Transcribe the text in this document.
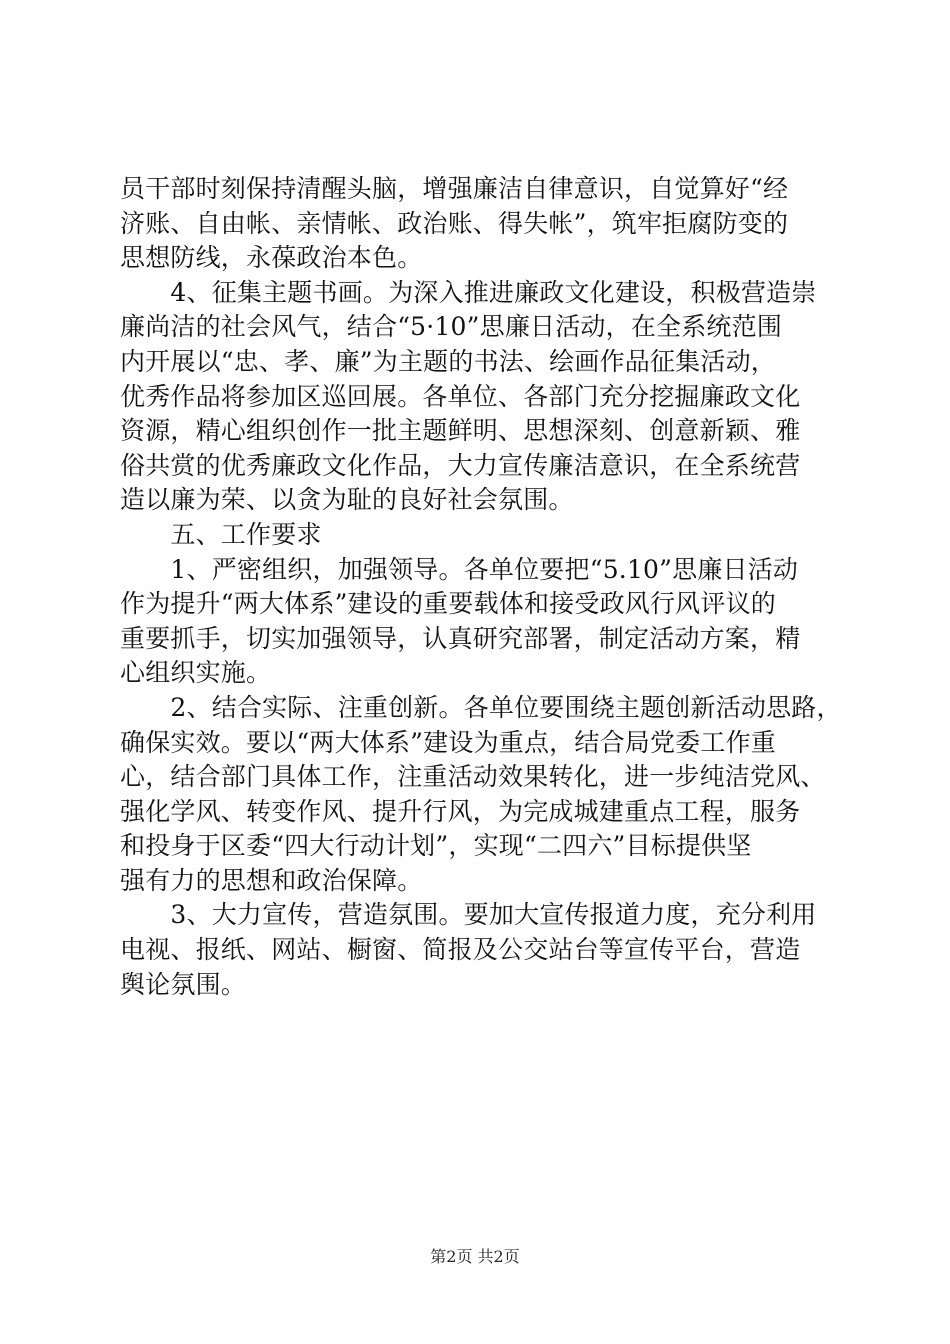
员干部时刻保持清醒头脑，增强廉洁自律意识，自觉算好“经
济账、自由帐、亲情帐、政治账、得失帐”，筑牢拒腐防变的
思想防线，永葆政治本色。
　　4、征集主题书画。为深入推进廉政文化建设，积极营造崇
廉尚洁的社会风气，结合“5·10”思廉日活动，在全系统范围
内开展以“忠、孝、廉”为主题的书法、绘画作品征集活动，
优秀作品将参加区巡回展。各单位、各部门充分挖掘廉政文化
资源，精心组织创作一批主题鲜明、思想深刻、创意新颖、雅
俗共赏的优秀廉政文化作品，大力宣传廉洁意识，在全系统营
造以廉为荣、以贪为耻的良好社会氛围。
　　五、工作要求
　　1、严密组织，加强领导。各单位要把“5.10”思廉日活动
作为提升“两大体系”建设的重要载体和接受政风行风评议的
重要抓手，切实加强领导，认真研究部署，制定活动方案，精
心组织实施。
　　2、结合实际、注重创新。各单位要围绕主题创新活动思路，
确保实效。要以“两大体系”建设为重点，结合局党委工作重
心，结合部门具体工作，注重活动效果转化，进一步纯洁党风、
强化学风、转变作风、提升行风，为完成城建重点工程，服务
和投身于区委“四大行动计划”，实现“二四六”目标提供坚
强有力的思想和政治保障。
　　3、大力宣传，营造氛围。要加大宣传报道力度，充分利用
电视、报纸、网站、橱窗、简报及公交站台等宣传平台，营造
舆论氛围。
第2页 共2页
